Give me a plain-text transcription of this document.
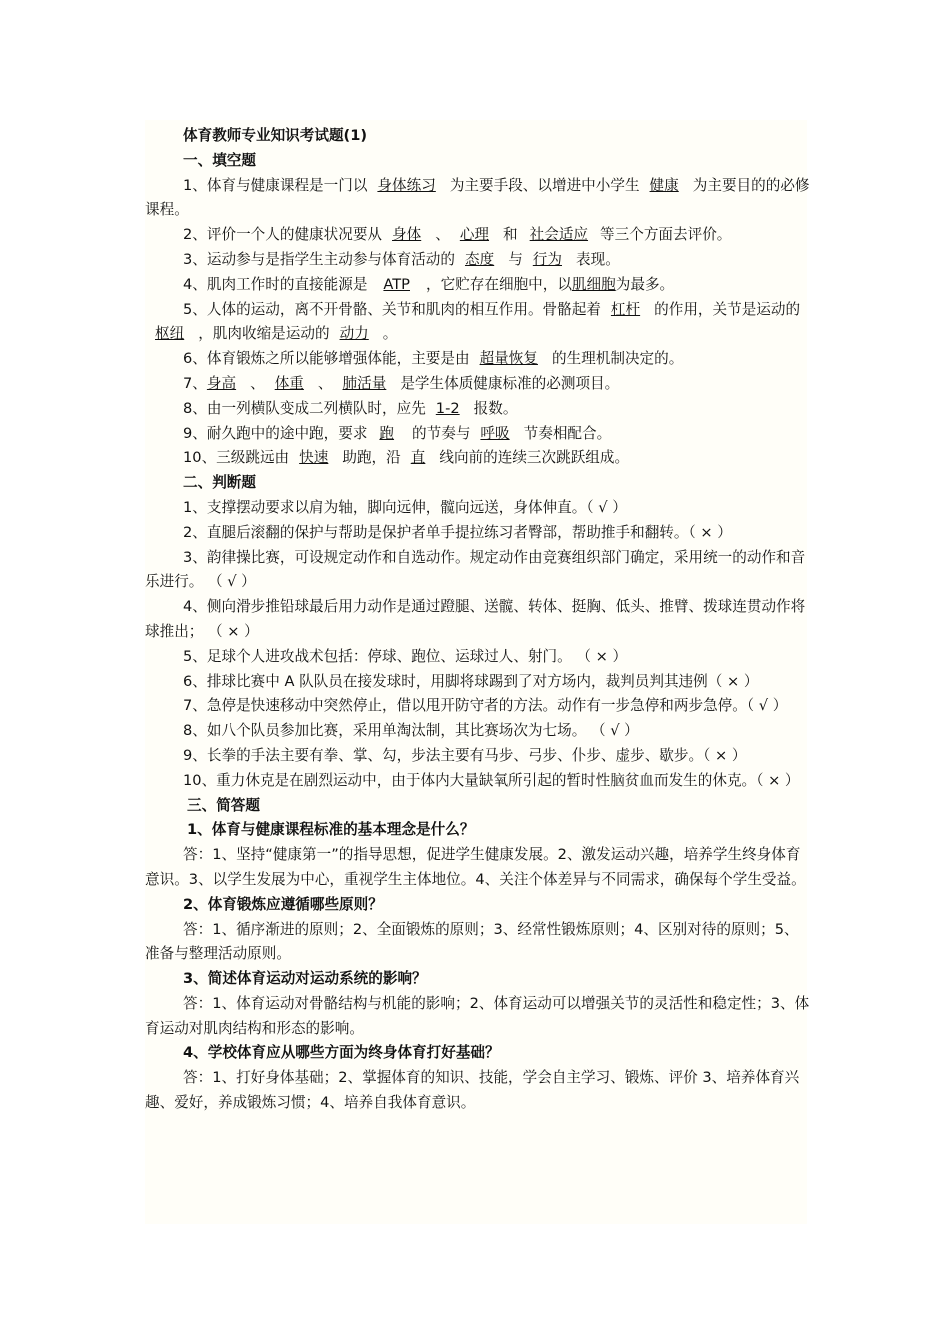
体育教师专业知识考试题(1)

一、填空题

1、体育与健康课程是一门以 身体练习 为主要手段、以增进中小学生 健康 为主要目的的必修课程。

2、评价一个人的健康状况要从 身体 、 心理 和 社会适应 等三个方面去评价。

3、运动参与是指学生主动参与体育活动的 态度 与 行为 表现。

4、肌肉工作时的直接能源是 ATP ，它贮存在细胞中，以肌细胞为最多。

5、人体的运动，离不开骨骼、关节和肌肉的相互作用。骨骼起着 杠杆 的作用，关节是运动的枢纽 ，肌肉收缩是运动的 动力 。

6、体育锻炼之所以能够增强体能，主要是由 超量恢复 的生理机制决定的。

7、身高 、 体重 、 肺活量 是学生体质健康标准的必测项目。

8、由一列横队变成二列横队时，应先 1-2 报数。

9、耐久跑中的途中跑，要求 跑 的节奏与 呼吸 节奏相配合。

10、三级跳远由 快速 助跑，沿 直 线向前的连续三次跳跃组成。

二、判断题

1、支撑摆动要求以肩为轴，脚向远伸，髋向远送，身体伸直。（ √ ）

2、直腿后滚翻的保护与帮助是保护者单手提拉练习者臀部，帮助推手和翻转。（ × ）

3、韵律操比赛，可设规定动作和自选动作。规定动作由竞赛组织部门确定，采用统一的动作和音乐进行。 （ √ ）

4、侧向滑步推铅球最后用力动作是通过蹬腿、送髋、转体、挺胸、低头、推臂、拨球连贯动作将球推出； （ × ）

5、足球个人进攻战术包括：停球、跑位、运球过人、射门。 （ × ）

6、排球比赛中 A 队队员在接发球时，用脚将球踢到了对方场内，裁判员判其违例（ × ）

7、急停是快速移动中突然停止，借以甩开防守者的方法。动作有一步急停和两步急停。（ √ ）

8、如八个队员参加比赛，采用单淘汰制，其比赛场次为七场。 （ √ ）

9、长拳的手法主要有拳、掌、勾，步法主要有马步、弓步、仆步、虚步、歇步。（ × ）

10、重力休克是在剧烈运动中，由于体内大量缺氧所引起的暂时性脑贫血而发生的休克。（ × ）

三、简答题

1、体育与健康课程标准的基本理念是什么？

答：1、坚持“健康第一”的指导思想，促进学生健康发展。2、激发运动兴趣，培养学生终身体育意识。3、以学生发展为中心，重视学生主体地位。4、关注个体差异与不同需求，确保每个学生受益。

2、体育锻炼应遵循哪些原则？

答：1、循序渐进的原则；2、全面锻炼的原则；3、经常性锻炼原则；4、区别对待的原则；5、准备与整理活动原则。

3、简述体育运动对运动系统的影响？

答：1、体育运动对骨骼结构与机能的影响；2、体育运动可以增强关节的灵活性和稳定性；3、体育运动对肌肉结构和形态的影响。

4、学校体育应从哪些方面为终身体育打好基础？

答：1、打好身体基础；2、掌握体育的知识、技能，学会自主学习、锻炼、评价 3、培养体育兴趣、爱好，养成锻炼习惯；4、培养自我体育意识。
